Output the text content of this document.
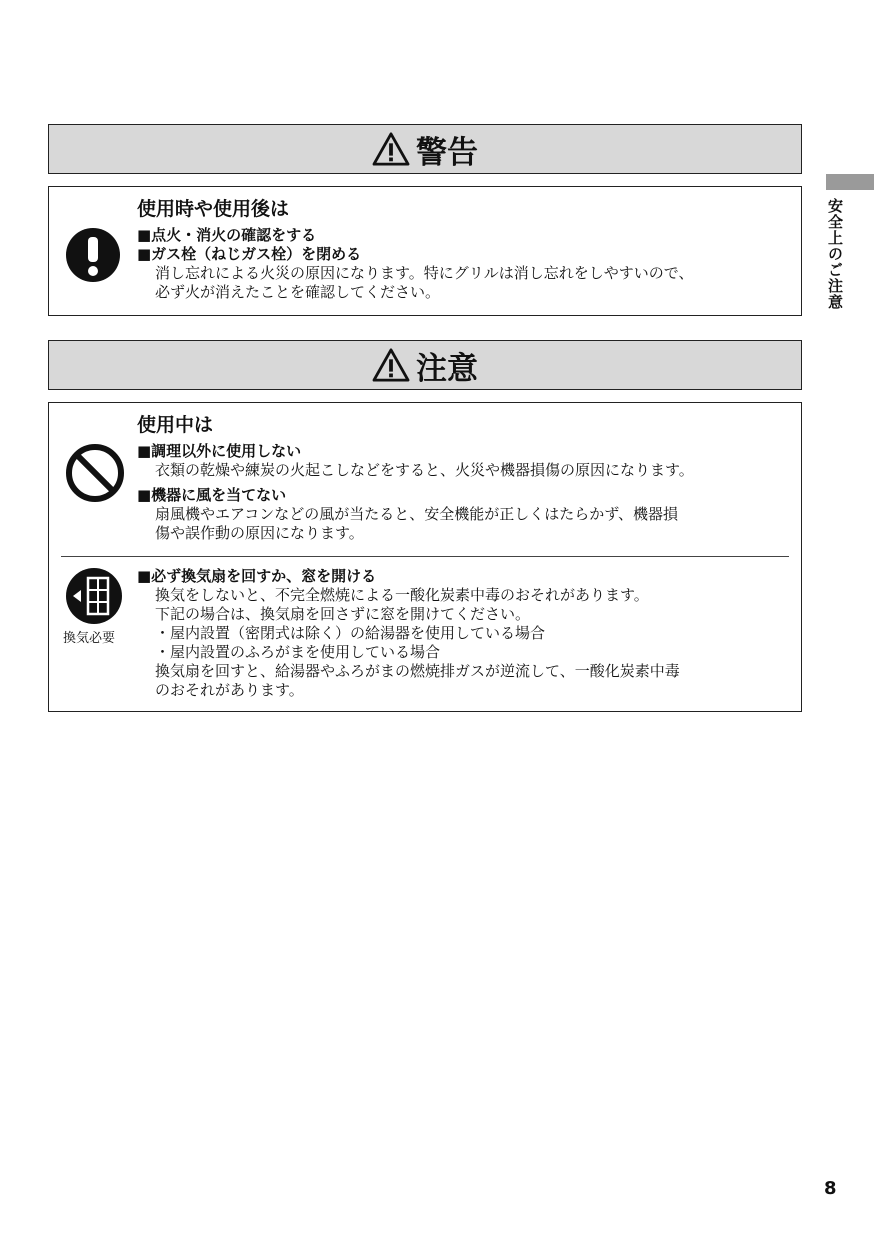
警告
使用時や使用後は
■点火・消火の確認をする
■ガス栓（ねじガス栓）を閉める
消し忘れによる火災の原因になります。特にグリルは消し忘れをしやすいので、
必ず火が消えたことを確認してください。
注意
使用中は
■調理以外に使用しない
衣類の乾燥や練炭の火起こしなどをすると、火災や機器損傷の原因になります。
■機器に風を当てない
扇風機やエアコンなどの風が当たると、安全機能が正しくはたらかず、機器損
傷や誤作動の原因になります。
換気必要
■必ず換気扇を回すか、窓を開ける
換気をしないと、不完全燃焼による一酸化炭素中毒のおそれがあります。
下記の場合は、換気扇を回さずに窓を開けてください。
・屋内設置（密閉式は除く）の給湯器を使用している場合
・屋内設置のふろがまを使用している場合
換気扇を回すと、給湯器やふろがまの燃焼排ガスが逆流して、一酸化炭素中毒
のおそれがあります。
安全上のご注意
8
